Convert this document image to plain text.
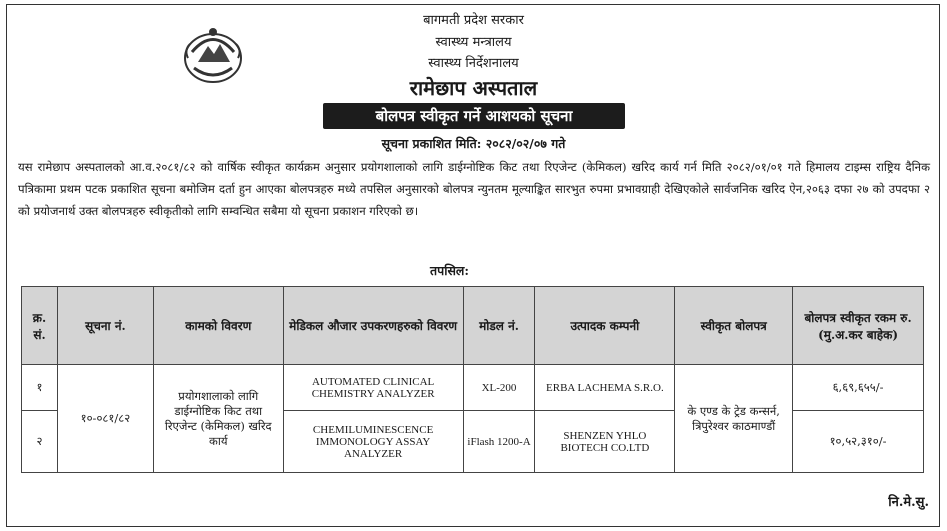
बागमती प्रदेश सरकार
स्वास्थ्य मन्त्रालय
स्वास्थ्य निर्देशनालय
रामेछाप अस्पताल
बोलपत्र स्वीकृत गर्ने आशयको सूचना
सूचना प्रकाशित मिति: २०८२/०२/०७ गते
यस रामेछाप अस्पतालको आ.व.२०८१/८२ को वार्षिक स्वीकृत कार्यक्रम अनुसार प्रयोगशालाको लागि डाईग्नोष्टिक किट तथा रिएजेन्ट (केमिकल) खरिद कार्य गर्न मिति २०८२/०१/०१ गते हिमालय टाइम्स राष्ट्रिय दैनिक पत्रिकामा प्रथम पटक प्रकाशित सूचना बमोजिम दर्ता हुन आएका बोलपत्रहरु मध्ये तपसिल अनुसारको बोलपत्र न्युनतम मूल्याङ्कित सारभुत रुपमा प्रभावग्राही देखिएकोले सार्वजनिक खरिद ऐन,२०६३ दफा २७ को उपदफा २ को प्रयोजनार्थ उक्त बोलपत्रहरु स्वीकृतीको लागि सम्वन्धित सबैमा यो सूचना प्रकाशन गरिएको छ।
तपसिल:
क्र. सं.	सूचना नं.	कामको विवरण	मेडिकल औजार उपकरणहरुको विवरण	मोडल नं.	उत्पादक कम्पनी	स्वीकृत बोलपत्र	बोलपत्र स्वीकृत रकम रु. (मु.अ.कर बाहेक)
१	१०-०८१/८२	प्रयोगशालाको लागि डाईग्नोष्टिक किट तथा रिएजेन्ट (केमिकल) खरिद कार्य	AUTOMATED CLINICAL CHEMISTRY ANALYZER	XL-200	ERBA LACHEMA S.R.O.	के एण्ड के ट्रेड कन्सर्न, त्रिपुरेश्वर काठमाण्डौं	६,६९,६५५/-
२			CHEMILUMINESCENCE IMMONOLOGY ASSAY ANALYZER	iFlash 1200-A	SHENZEN YHLO BIOTECH CO.LTD		१०,५२,३१०/-
नि.मे.सु.
